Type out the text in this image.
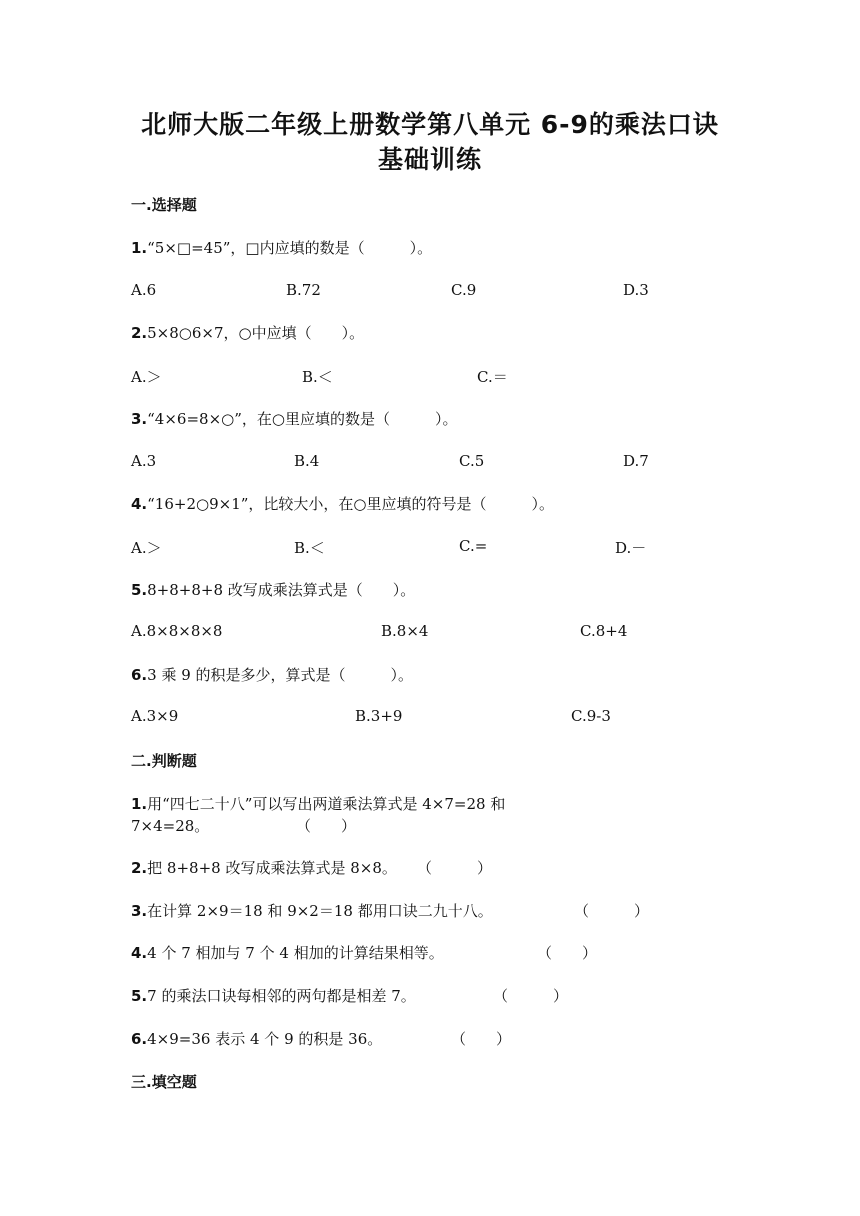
北师大版二年级上册数学第八单元 6-9的乘法口诀
基础训练
一.选择题
1.“5×□=45”，□内应填的数是（　　　）。
A.6	B.72	C.9	D.3
2.5×8○6×7，○中应填（　　）。
A.＞	B.＜	C.＝
3.“4×6=8×○”，在○里应填的数是（　　　）。
A.3	B.4	C.5	D.7
4.“16+2○9×1”，比较大小，在○里应填的符号是（　　　）。
A.＞	B.＜	C.=	D.－
5.8+8+8+8 改写成乘法算式是（　　）。
A.8×8×8×8	B.8×4	C.8+4
6.3 乘 9 的积是多少，算式是（　　　）。
A.3×9	B.3+9	C.9-3
二.判断题
1.用“四七二十八”可以写出两道乘法算式是 4×7=28 和
7×4=28。	（　　）
2.把 8+8+8 改写成乘法算式是 8×8。 （　　　）
3.在计算 2×9＝18 和 9×2＝18 都用口诀二九十八。	（　　　）
4.4 个 7 相加与 7 个 4 相加的计算结果相等。	（　　）
5.7 的乘法口诀每相邻的两句都是相差 7。	（　　　）
6.4×9=36 表示 4 个 9 的积是 36。	（　　）
三.填空题
